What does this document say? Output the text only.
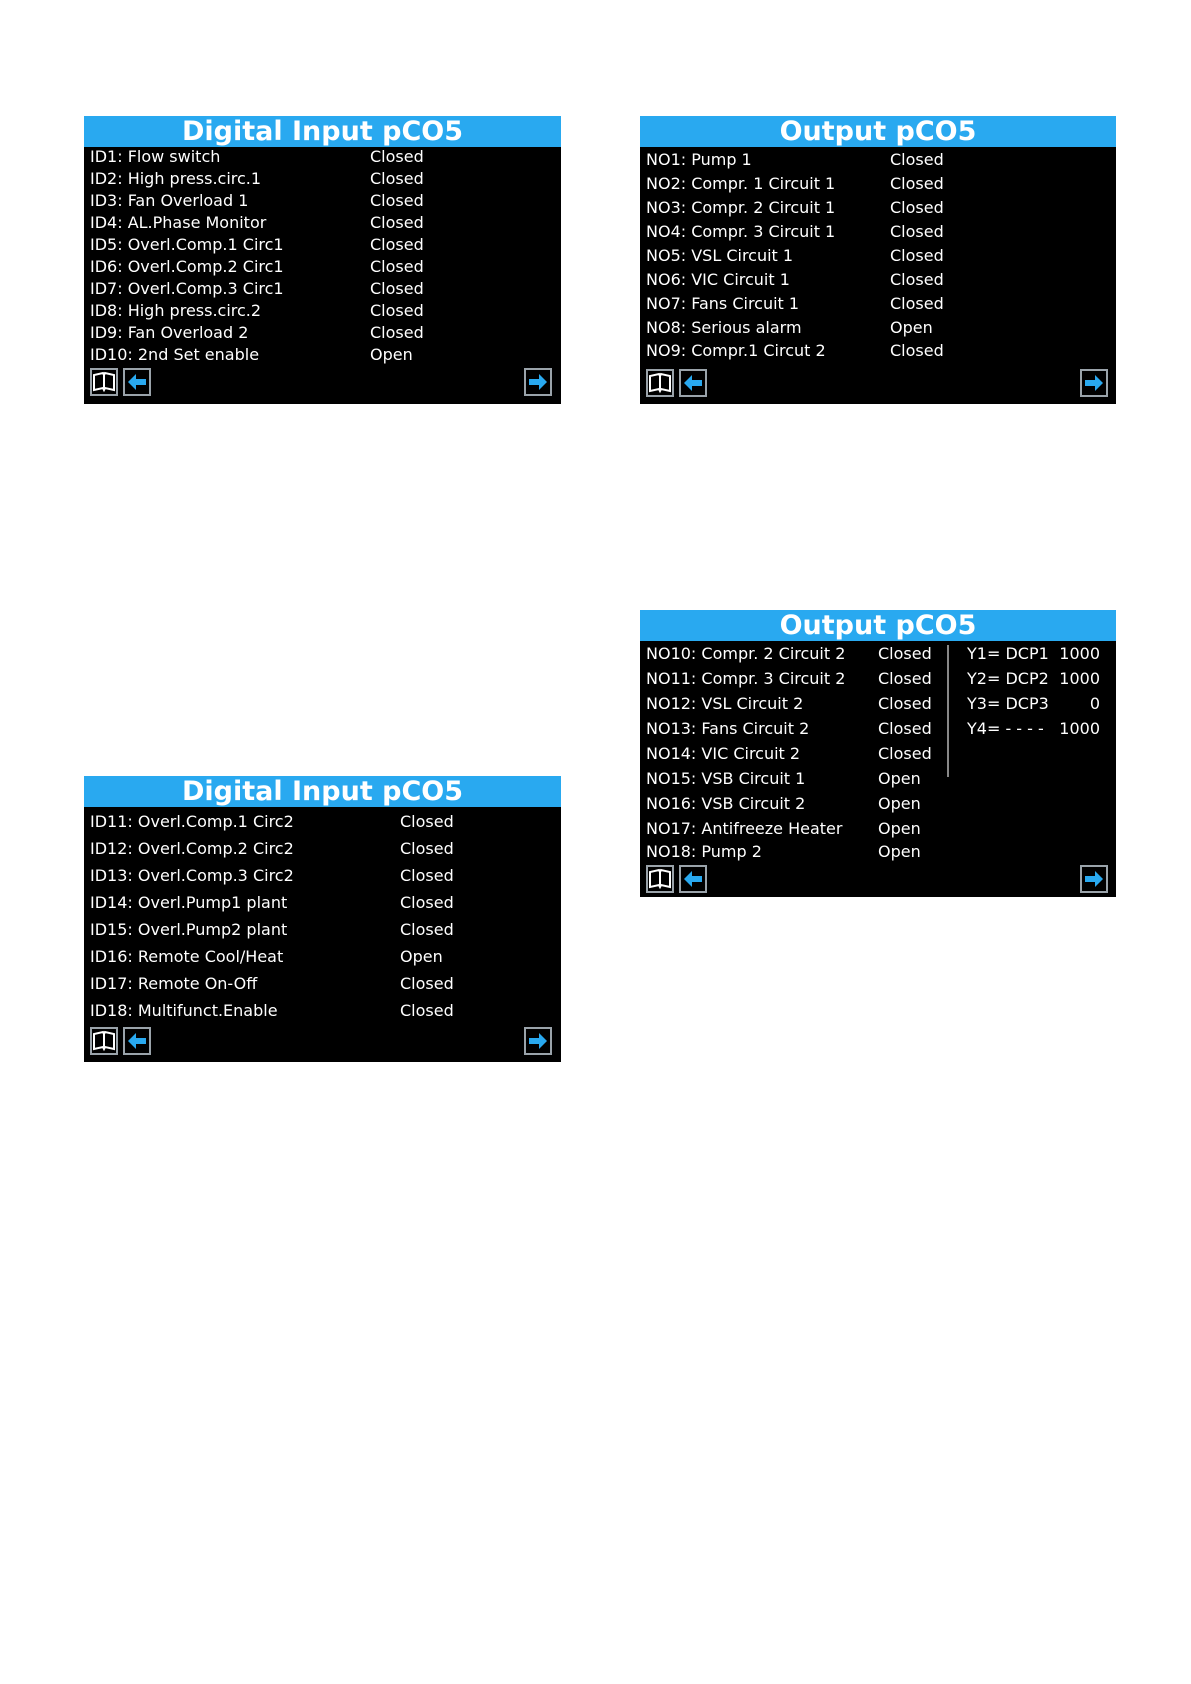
Digital Input pCO5
ID1: Flow switch	Closed
ID2: High press.circ.1	Closed
ID3: Fan Overload 1	Closed
ID4: AL.Phase Monitor	Closed
ID5: Overl.Comp.1 Circ1	Closed
ID6: Overl.Comp.2 Circ1	Closed
ID7: Overl.Comp.3 Circ1	Closed
ID8: High press.circ.2	Closed
ID9: Fan Overload 2	Closed
ID10: 2nd Set enable	Open
Output pCO5
NO1: Pump 1	Closed
NO2: Compr. 1 Circuit 1	Closed
NO3: Compr. 2 Circuit 1	Closed
NO4: Compr. 3 Circuit 1	Closed
NO5: VSL Circuit 1	Closed
NO6: VIC Circuit 1	Closed
NO7: Fans Circuit 1	Closed
NO8: Serious alarm	Open
NO9: Compr.1 Circut 2	Closed
Output pCO5
NO10: Compr. 2 Circuit 2 Closed
NO11: Compr. 3 Circuit 2 Closed
NO12: VSL Circuit 2	Closed
NO13: Fans Circuit 2	Closed
NO14: VIC Circuit 2	Closed
NO15: VSB Circuit 1	Open
NO16: VSB Circuit 2	Open
NO17: Antifreeze Heater Open
NO18: Pump 2	Open
Y1= DCP1 1000
Y2= DCP2 1000
Y3= DCP3	0
Y4= - - - - 1000
Digital Input pCO5
ID11: Overl.Comp.1 Circ2	Closed
ID12: Overl.Comp.2 Circ2	Closed
ID13: Overl.Comp.3 Circ2	Closed
ID14: Overl.Pump1 plant	Closed
ID15: Overl.Pump2 plant	Closed
ID16: Remote Cool/Heat	Open
ID17: Remote On-Off	Closed
ID18: Multifunct.Enable	Closed
